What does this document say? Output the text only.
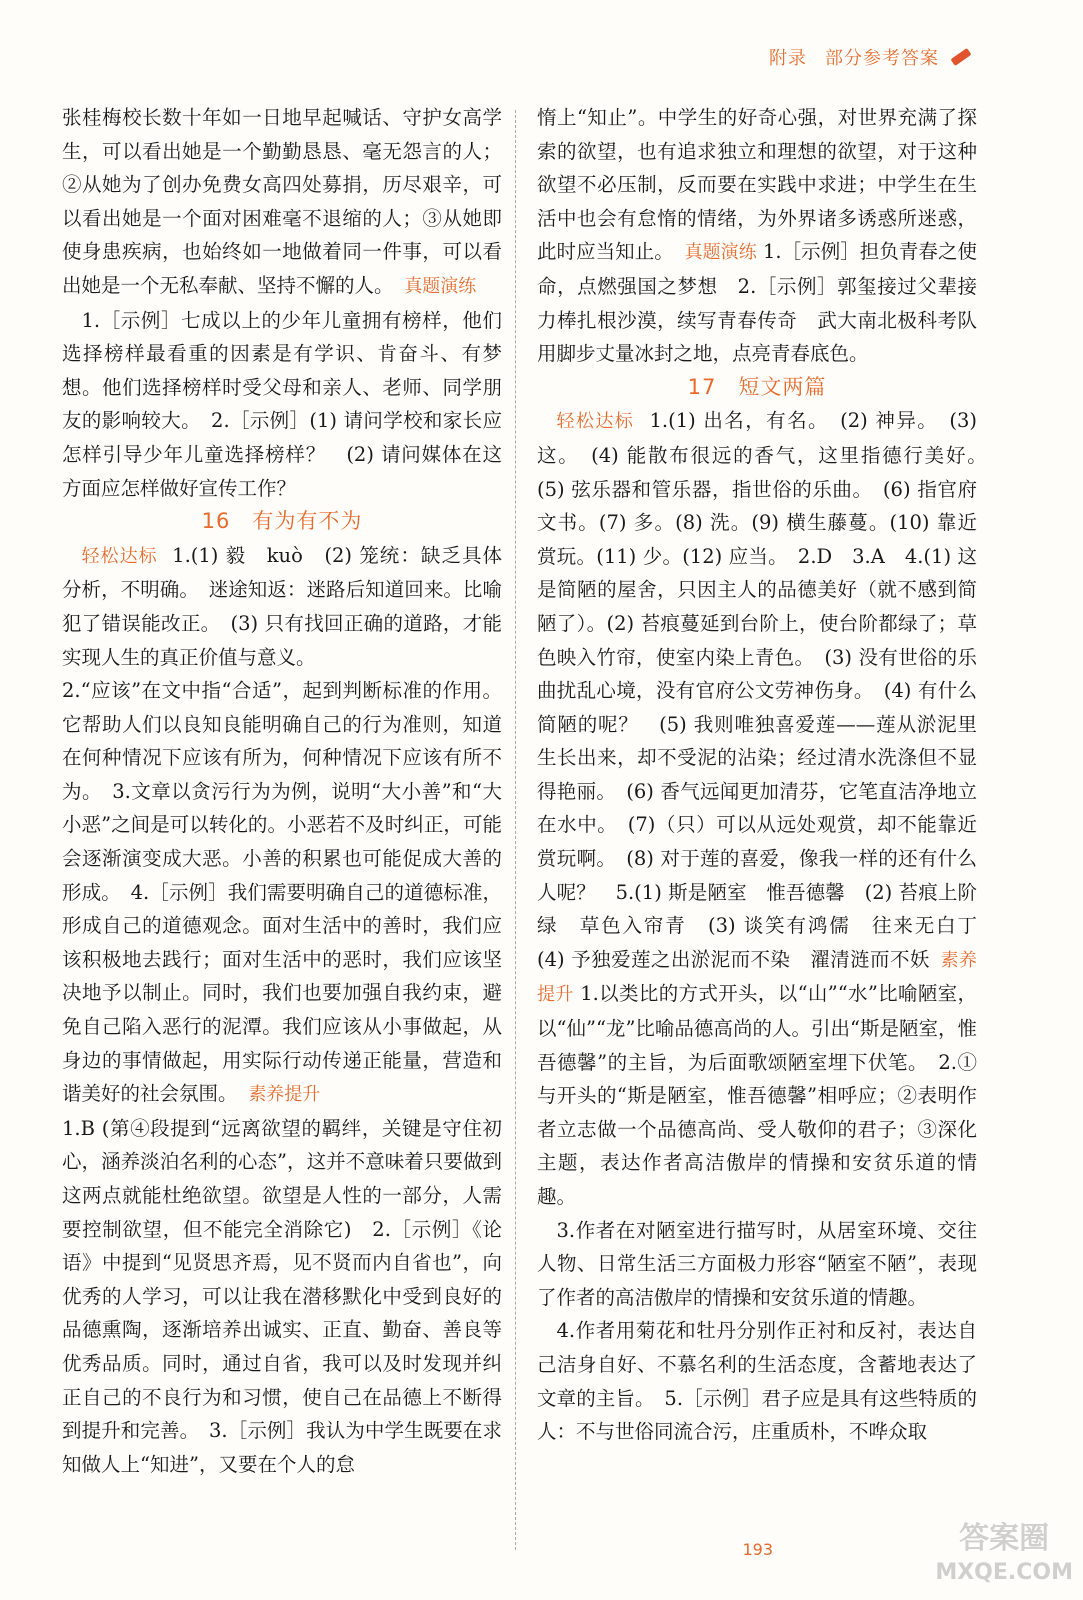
附录 部分参考答案

张桂梅校长数十年如一日地早起喊话、守护女高学生，可以看出她是一个勤勤恳恳、毫无怨言的人；②从她为了创办免费女高四处募捐，历尽艰辛，可以看出她是一个面对困难毫不退缩的人；③从她即使身患疾病，也始终如一地做着同一件事，可以看出她是一个无私奉献、坚持不懈的人。 真题演练

1.［示例］七成以上的少年儿童拥有榜样，他们选择榜样最看重的因素是有学识、肯奋斗、有梦想。他们选择榜样时受父母和亲人、老师、同学朋友的影响较大。　2.［示例］(1) 请问学校和家长应怎样引导少年儿童选择榜样？　(2) 请问媒体在这方面应怎样做好宣传工作？

16　有为有不为

轻松达标 1.(1) 毅　kuò　(2) 笼统：缺乏具体分析，不明确。　迷途知返：迷路后知道回来。比喻犯了错误能改正。　(3) 只有找回正确的道路，才能实现人生的真正价值与意义。

2.“应该”在文中指“合适”，起到判断标准的作用。它帮助人们以良知良能明确自己的行为准则，知道在何种情况下应该有所为，何种情况下应该有所不为。　3.文章以贪污行为为例，说明“大小善”和“大小恶”之间是可以转化的。小恶若不及时纠正，可能会逐渐演变成大恶。小善的积累也可能促成大善的形成。　4.［示例］我们需要明确自己的道德标准，形成自己的道德观念。面对生活中的善时，我们应该积极地去践行；面对生活中的恶时，我们应该坚决地予以制止。同时，我们也要加强自我约束，避免自己陷入恶行的泥潭。我们应该从小事做起，从身边的事情做起，用实际行动传递正能量，营造和谐美好的社会氛围。 素养提升

1.B (第④段提到“远离欲望的羁绊，关键是守住初心，涵养淡泊名利的心态”，这并不意味着只要做到这两点就能杜绝欲望。欲望是人性的一部分，人需要控制欲望，但不能完全消除它)　2.［示例］《论语》中提到“见贤思齐焉，见不贤而内自省也”，向优秀的人学习，可以让我在潜移默化中受到良好的品德熏陶，逐渐培养出诚实、正直、勤奋、善良等优秀品质。同时，通过自省，我可以及时发现并纠正自己的不良行为和习惯，使自己在品德上不断得到提升和完善。　3.［示例］我认为中学生既要在求知做人上“知进”，又要在个人的怠

惰上“知止”。中学生的好奇心强，对世界充满了探索的欲望，也有追求独立和理想的欲望，对于这种欲望不必压制，反而要在实践中求进；中学生在生活中也会有怠惰的情绪，为外界诸多诱惑所迷惑，此时应当知止。 真题演练 1.［示例］担负青春之使命，点燃强国之梦想　2.［示例］郭玺接过父辈接力棒扎根沙漠，续写青春传奇　武大南北极科考队用脚步丈量冰封之地，点亮青春底色。

17　短文两篇

轻松达标 1.(1) 出名，有名。　(2) 神异。　(3) 这。　(4) 能散布很远的香气，这里指德行美好。　(5) 弦乐器和管乐器，指世俗的乐曲。　(6) 指官府文书。(7) 多。(8) 洗。(9) 横生藤蔓。(10) 靠近赏玩。(11) 少。(12) 应当。　2.D　3.A　4.(1) 这是简陋的屋舍，只因主人的品德美好（就不感到简陋了）。(2) 苔痕蔓延到台阶上，使台阶都绿了；草色映入竹帘，使室内染上青色。　(3) 没有世俗的乐曲扰乱心境，没有官府公文劳神伤身。　(4) 有什么简陋的呢？　(5) 我则唯独喜爱莲——莲从淤泥里生长出来，却不受泥的沾染；经过清水洗涤但不显得艳丽。　(6) 香气远闻更加清芬，它笔直洁净地立在水中。　(7)（只）可以从远处观赏，却不能靠近赏玩啊。　(8) 对于莲的喜爱，像我一样的还有什么人呢？　5.(1) 斯是陋室　惟吾德馨　(2) 苔痕上阶绿　草色入帘青　(3) 谈笑有鸿儒　往来无白丁　(4) 予独爱莲之出淤泥而不染　濯清涟而不妖 素养提升 1.以类比的方式开头，以“山”“水”比喻陋室，以“仙”“龙”比喻品德高尚的人。引出“斯是陋室，惟吾德馨”的主旨，为后面歌颂陋室埋下伏笔。　2.①与开头的“斯是陋室，惟吾德馨”相呼应；②表明作者立志做一个品德高尚、受人敬仰的君子；③深化主题，表达作者高洁傲岸的情操和安贫乐道的情趣。

3.作者在对陋室进行描写时，从居室环境、交往人物、日常生活三方面极力形容“陋室不陋”，表现了作者的高洁傲岸的情操和安贫乐道的情趣。

4.作者用菊花和牡丹分别作正衬和反衬，表达自己洁身自好、不慕名利的生活态度，含蓄地表达了文章的主旨。　5.［示例］君子应是具有这些特质的人：不与世俗同流合污，庄重质朴，不哗众取

193	答案圈
MXQE.COM
